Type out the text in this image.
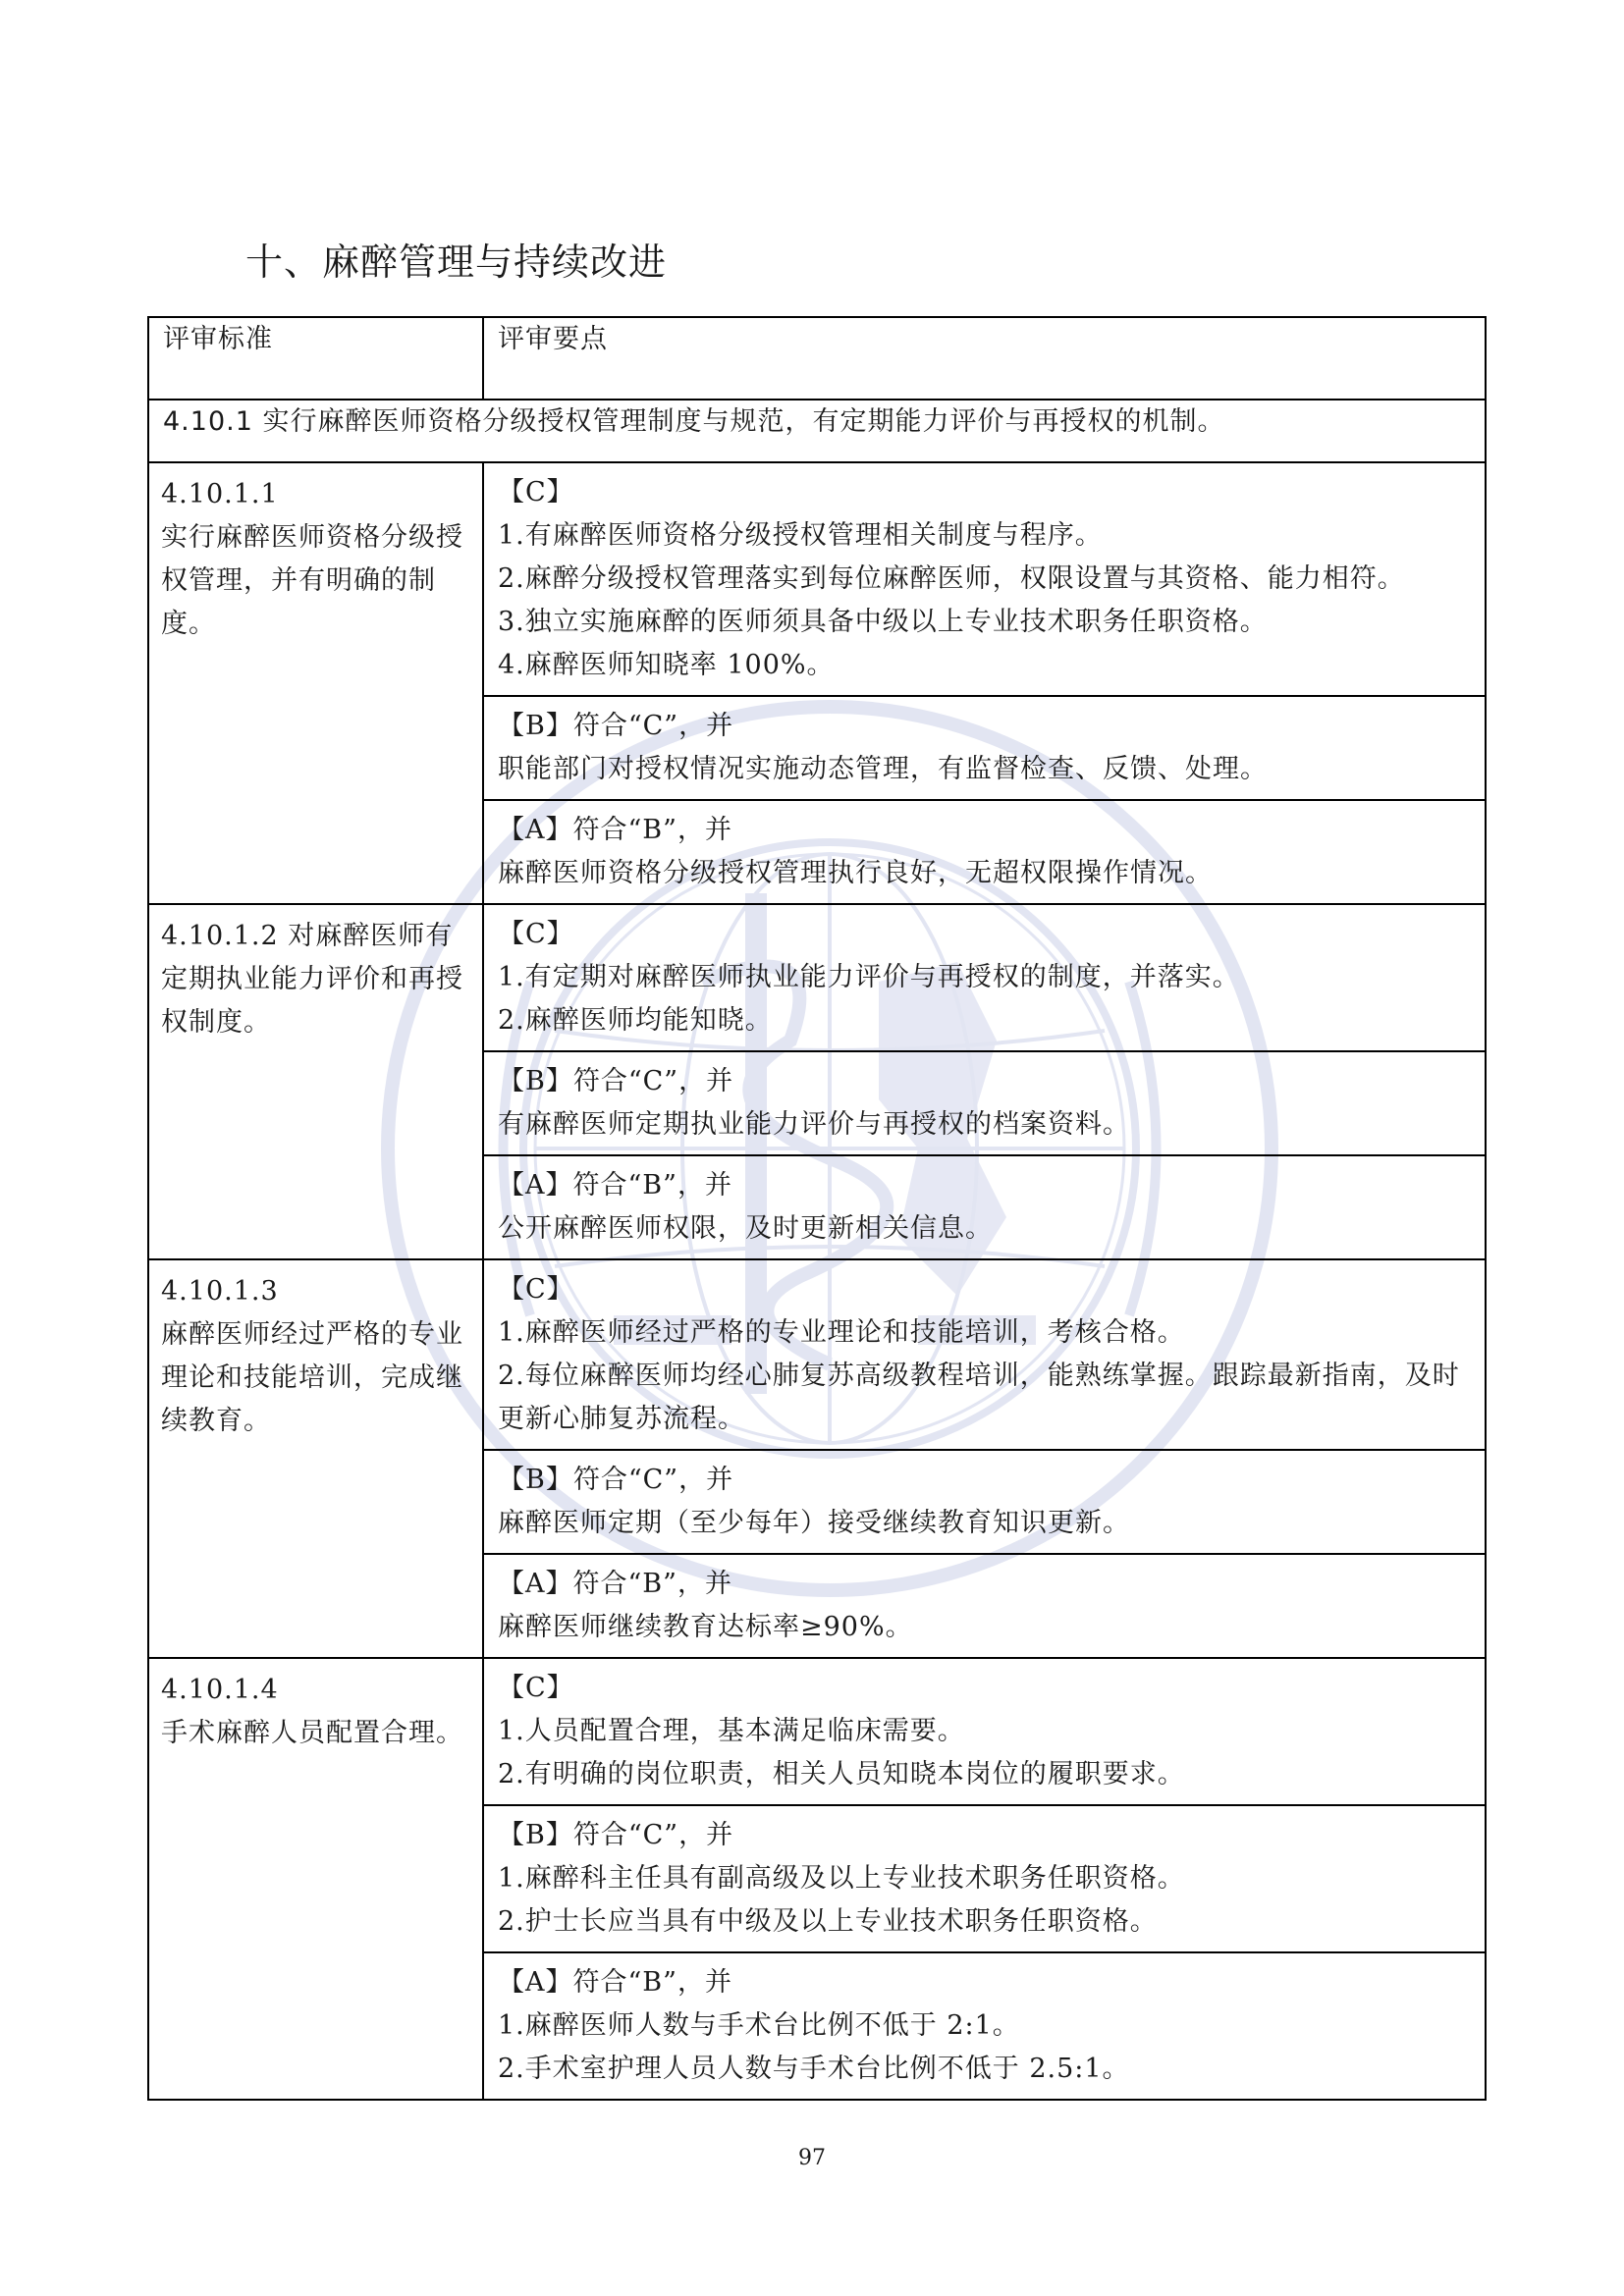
十、麻醉管理与持续改进
评审标准	评审要点
4.10.1 实行麻醉医师资格分级授权管理制度与规范，有定期能力评价与再授权的机制。	

4.10.1.1
实行麻醉医师资格分级授权管理，并有明确的制度。	【C】
1.有麻醉医师资格分级授权管理相关制度与程序。
2.麻醉分级授权管理落实到每位麻醉医师，权限设置与其资格、能力相符。
3.独立实施麻醉的医师须具备中级以上专业技术职务任职资格。
4.麻醉医师知晓率 100%。

	【B】符合“C”，并
职能部门对授权情况实施动态管理，有监督检查、反馈、处理。

	【A】符合“B”，并
麻醉医师资格分级授权管理执行良好，无超权限操作情况。

4.10.1.2 对麻醉医师有定期执业能力评价和再授权制度。	【C】
1.有定期对麻醉医师执业能力评价与再授权的制度，并落实。
2.麻醉医师均能知晓。

	【B】符合“C”，并
有麻醉医师定期执业能力评价与再授权的档案资料。

	【A】符合“B”，并
公开麻醉医师权限，及时更新相关信息。

4.10.1.3
麻醉医师经过严格的专业理论和技能培训，完成继续教育。	【C】
1.麻醉医师经过严格的专业理论和技能培训，考核合格。
2.每位麻醉医师均经心肺复苏高级教程培训，能熟练掌握。跟踪最新指南，及时更新心肺复苏流程。

	【B】符合“C”，并
麻醉医师定期（至少每年）接受继续教育知识更新。

	【A】符合“B”，并
麻醉医师继续教育达标率≥90%。

4.10.1.4
手术麻醉人员配置合理。	【C】
1.人员配置合理，基本满足临床需要。
2.有明确的岗位职责，相关人员知晓本岗位的履职要求。

	【B】符合“C”，并
1.麻醉科主任具有副高级及以上专业技术职务任职资格。
2.护士长应当具有中级及以上专业技术职务任职资格。

	【A】符合“B”，并
1.麻醉医师人数与手术台比例不低于 2:1。
2.手术室护理人员人数与手术台比例不低于 2.5:1。
97
